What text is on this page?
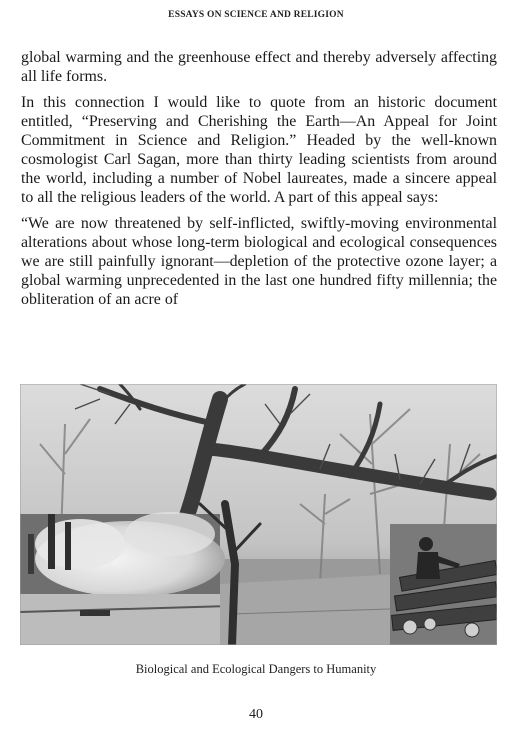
ESSAYS ON SCIENCE AND RELIGION

global warming and the greenhouse effect and thereby adversely affecting all life forms.

In this connection I would like to quote from an historic document entitled, “Preserving and Cherishing the Earth—An Appeal for Joint Commitment in Science and Religion.” Headed by the well-known cosmologist Carl Sagan, more than thirty leading scientists from around the world, including a number of Nobel laureates, made a sincere appeal to all the religious leaders of the world. A part of this appeal says:

“We are now threatened by self-inflicted, swiftly-moving environmental alterations about whose long-term biological and ecological consequences we are still painfully ignorant—depletion of the protective ozone layer; a global warming unprecedented in the last one hundred fifty millennia; the obliteration of an acre of

Biological and Ecological Dangers to Humanity
40
